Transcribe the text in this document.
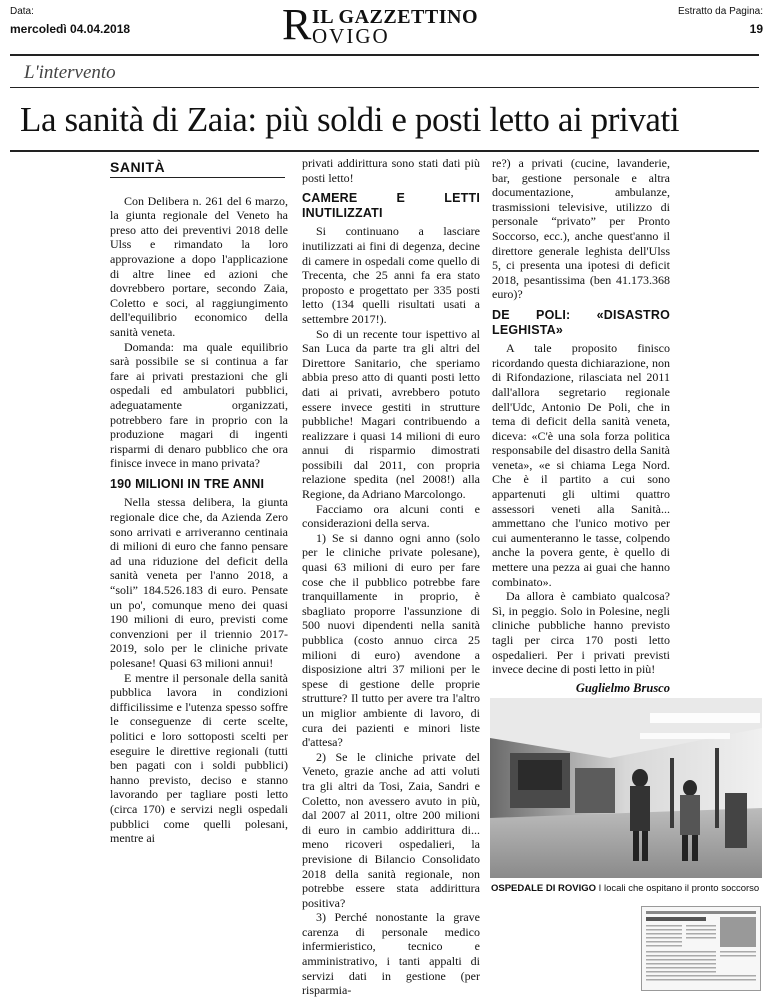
Data:
mercoledì 04.04.2018	R IL GAZZETTINO
OVIGO
Estratto da Pagina:
19
L'intervento
La sanità di Zaia: più soldi e posti letto ai privati
SANITÀ

Con Delibera n. 261 del 6 marzo, la giunta regionale del Veneto ha preso atto dei preventivi 2018 delle Ulss e rimandato la loro approvazione a dopo l'applicazione di altre linee ed azioni che dovrebbero portare, secondo Zaia, Coletto e soci, al raggiungimento dell'equilibrio economico della sanità veneta.

Domanda: ma quale equilibrio sarà possibile se si continua a far fare ai privati prestazioni che gli ospedali ed ambulatori pubblici, adeguatamente organizzati, potrebbero fare in proprio con la produzione magari di ingenti risparmi di denaro pubblico che ora finisce invece in mano privata?

190 MILIONI IN TRE ANNI

Nella stessa delibera, la giunta regionale dice che, da Azienda Zero sono arrivati e arriveranno centinaia di milioni di euro che fanno pensare ad una riduzione del deficit della sanità veneta per l'anno 2018, a “soli” 184.526.183 di euro. Pensate un po', comunque meno dei quasi 190 milioni di euro, previsti come convenzioni per il triennio 2017-2019, solo per le cliniche private polesane! Quasi 63 milioni annui!

E mentre il personale della sanità pubblica lavora in condizioni difficilissime e l'utenza spesso soffre le conseguenze di certe scelte, politici e loro sottoposti scelti per eseguire le direttive regionali (tutti ben pagati con i soldi pubblici) hanno previsto, deciso e stanno lavorando per tagliare posti letto (circa 170) e servizi negli ospedali pubblici come quelli polesani, mentre ai

privati addirittura sono stati dati più posti letto!

CAMERE E LETTI INUTILIZZATI

Si continuano a lasciare inutilizzati ai fini di degenza, decine di camere in ospedali come quello di Trecenta, che 25 anni fa era stato proposto e progettato per 335 posti letto (134 quelli risultati usati a settembre 2017!).

So di un recente tour ispettivo al San Luca da parte tra gli altri del Direttore Sanitario, che speriamo abbia preso atto di quanti posti letto dati ai privati, avrebbero potuto essere invece gestiti in strutture pubbliche! Magari contribuendo a realizzare i quasi 14 milioni di euro annui di risparmio dimostrati possibili dal 2011, con propria relazione spedita (nel 2008!) alla Regione, da Adriano Marcolongo.

Facciamo ora alcuni conti e considerazioni della serva.

1) Se si danno ogni anno (solo per le cliniche private polesane), quasi 63 milioni di euro per fare cose che il pubblico potrebbe fare tranquillamente in proprio, è sbagliato proporre l'assunzione di 500 nuovi dipendenti nella sanità pubblica (costo annuo circa 25 milioni di euro) avendone a disposizione altri 37 milioni per le spese di gestione delle proprie strutture? Il tutto per avere tra l'altro un miglior ambiente di lavoro, di cura dei pazienti e minori liste d'attesa?

2) Se le cliniche private del Veneto, grazie anche ad atti voluti tra gli altri da Tosi, Zaia, Sandri e Coletto, non avessero avuto in più, dal 2007 al 2011, oltre 200 milioni di euro in cambio addirittura di... meno ricoveri ospedalieri, la previsione di Bilancio Consolidato 2018 della sanità regionale, non potrebbe essere stata addirittura positiva?

3) Perché nonostante la grave carenza di personale medico infermieristico, tecnico e amministrativo, i tanti appalti di servizi dati in gestione (per risparmia-

re?) a privati (cucine, lavanderie, bar, gestione personale e altra documentazione, ambulanze, trasmissioni televisive, utilizzo di personale “privato” per Pronto Soccorso, ecc.), anche quest'anno il direttore generale leghista dell'Ulss 5, ci presenta una ipotesi di deficit 2018, pesantissima (ben 41.173.368 euro)?

DE POLI: «DISASTRO LEGHISTA»

A tale proposito finisco ricordando questa dichiarazione, non di Rifondazione, rilasciata nel 2011 dall'allora segretario regionale dell'Udc, Antonio De Poli, che in tema di deficit della sanità veneta, diceva: «C'è una sola forza politica responsabile del disastro della Sanità veneta», «e si chiama Lega Nord. Che è il partito a cui sono appartenuti gli ultimi quattro assessori veneti alla Sanità... ammettano che l'unico motivo per cui aumenteranno le tasse, colpendo anche la povera gente, è quello di mettere una pezza ai guai che hanno combinato».

Da allora è cambiato qualcosa? Sì, in peggio. Solo in Polesine, negli cliniche pubbliche hanno previsto tagli per circa 170 posti letto ospedalieri. Per i privati previsti invece decine di posti letto in più!

Guglielmo Brusco
OSPEDALE DI ROVIGO I locali che ospitano il pronto soccorso
